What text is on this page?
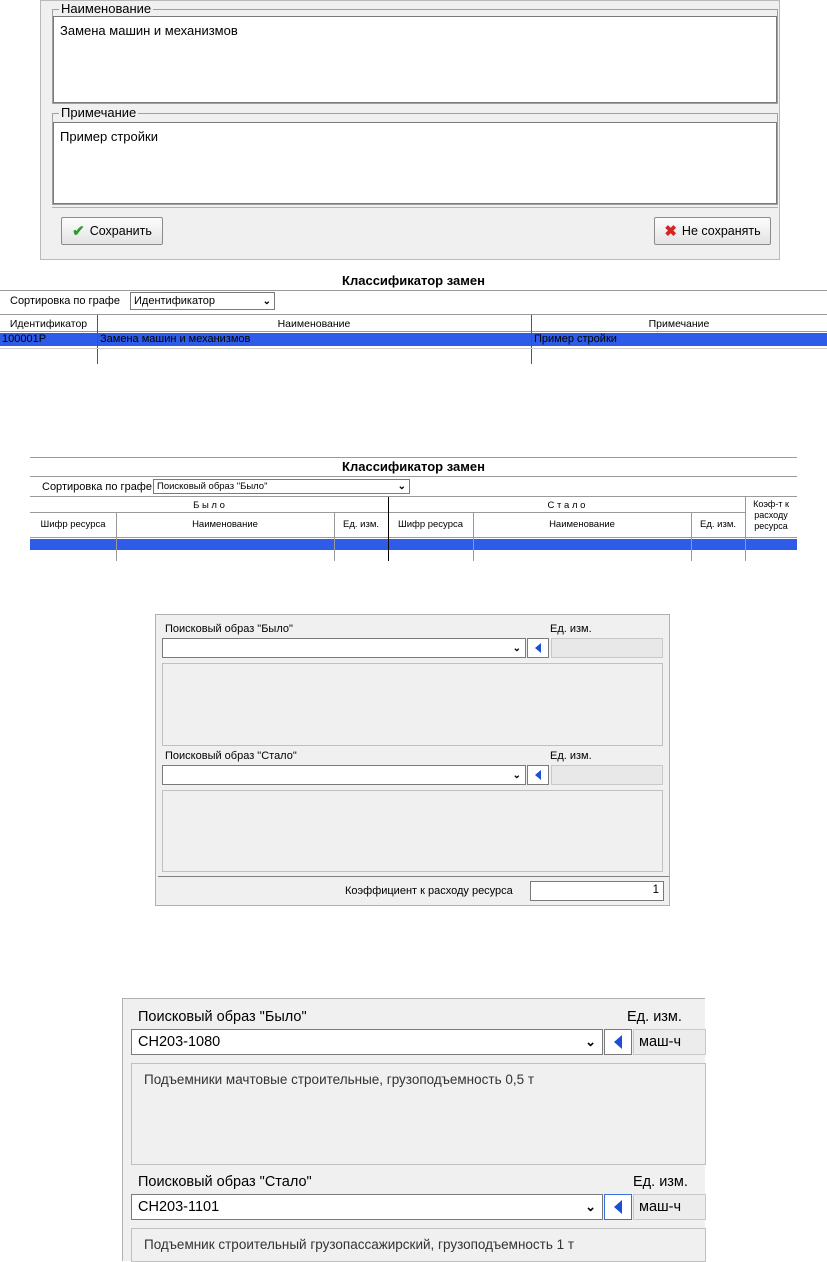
Наименование
Замена машин и механизмов
Примечание
Пример стройки
✔ Сохранить	✖ Не сохранять
Классификатор замен
Сортировка по графе Идентификатор	⌄
Идентификатор	Наименование	Примечание
100001Р	Замена машин и механизмов	Пример стройки
Классификатор замен
Сортировка по графе Поисковый образ "Было"	⌄
Б ы л о	С т а л о	Коэф-т к расходу ресурса
Шифр ресурса	Наименование	Ед. изм.	Шифр ресурса	Наименование	Ед. изм.
Поисковый образ "Было"	Ед. изм.
⌄
Поисковый образ "Стало"	Ед. изм.
⌄
Коэффициент к расходу ресурса	1
Поисковый образ "Было"	Ед. изм.
СН203-1080	⌄	маш-ч
Подъемники мачтовые строительные, грузоподъемность 0,5 т
Поисковый образ "Стало"	Ед. изм.
СН203-1101	⌄	маш-ч
Подъемник строительный грузопассажирский, грузоподъемность 1 т
